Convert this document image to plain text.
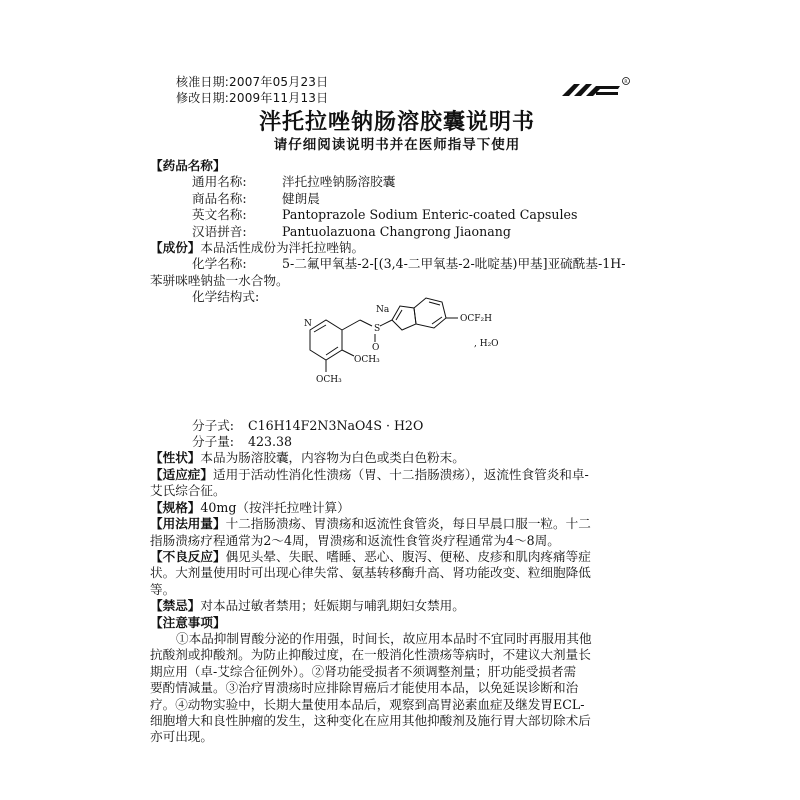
核准日期:2007年05月23日
修改日期:2009年11月13日
R
泮托拉唑钠肠溶胶囊说明书
请仔细阅读说明书并在医师指导下使用
【药品名称】
通用名称:	泮托拉唑钠肠溶胶囊
商品名称:	健朗晨
英文名称:	Pantoprazole Sodium Enteric-coated Capsules
汉语拼音:	Pantuolazuona Changrong Jiaonang
【成份】本品活性成份为泮托拉唑钠。
化学名称:	5-二氟甲氧基-2-[(3,4-二甲氧基-2-吡啶基)甲基]亚硫酰基-1H-
苯骈咪唑钠盐一水合物。
化学结构式:
N	S
O
Na
OCF₂H
OCH₃
OCH₃
, H₂O
分子式: C16H14F2N3NaO4S · H2O
分子量: 423.38
【性状】本品为肠溶胶囊，内容物为白色或类白色粉末。
【适应症】适用于活动性消化性溃疡（胃、十二指肠溃疡），返流性食管炎和卓-
艾氏综合征。
【规格】40mg（按泮托拉唑计算）
【用法用量】十二指肠溃疡、胃溃疡和返流性食管炎，每日早晨口服一粒。十二
指肠溃疡疗程通常为2～4周，胃溃疡和返流性食管炎疗程通常为4～8周。
【不良反应】偶见头晕、失眠、嗜睡、恶心、腹泻、便秘、皮疹和肌肉疼痛等症
状。大剂量使用时可出现心律失常、氨基转移酶升高、肾功能改变、粒细胞降低
等。
【禁忌】对本品过敏者禁用；妊娠期与哺乳期妇女禁用。
【注意事项】
①本品抑制胃酸分泌的作用强，时间长，故应用本品时不宜同时再服用其他
抗酸剂或抑酸剂。为防止抑酸过度，在一般消化性溃疡等病时，不建议大剂量长
期应用（卓-艾综合征例外）。②肾功能受损者不须调整剂量；肝功能受损者需
要酌情减量。③治疗胃溃疡时应排除胃癌后才能使用本品，以免延误诊断和治
疗。④动物实验中，长期大量使用本品后，观察到高胃泌素血症及继发胃ECL-
细胞增大和良性肿瘤的发生，这种变化在应用其他抑酸剂及施行胃大部切除术后
亦可出现。
